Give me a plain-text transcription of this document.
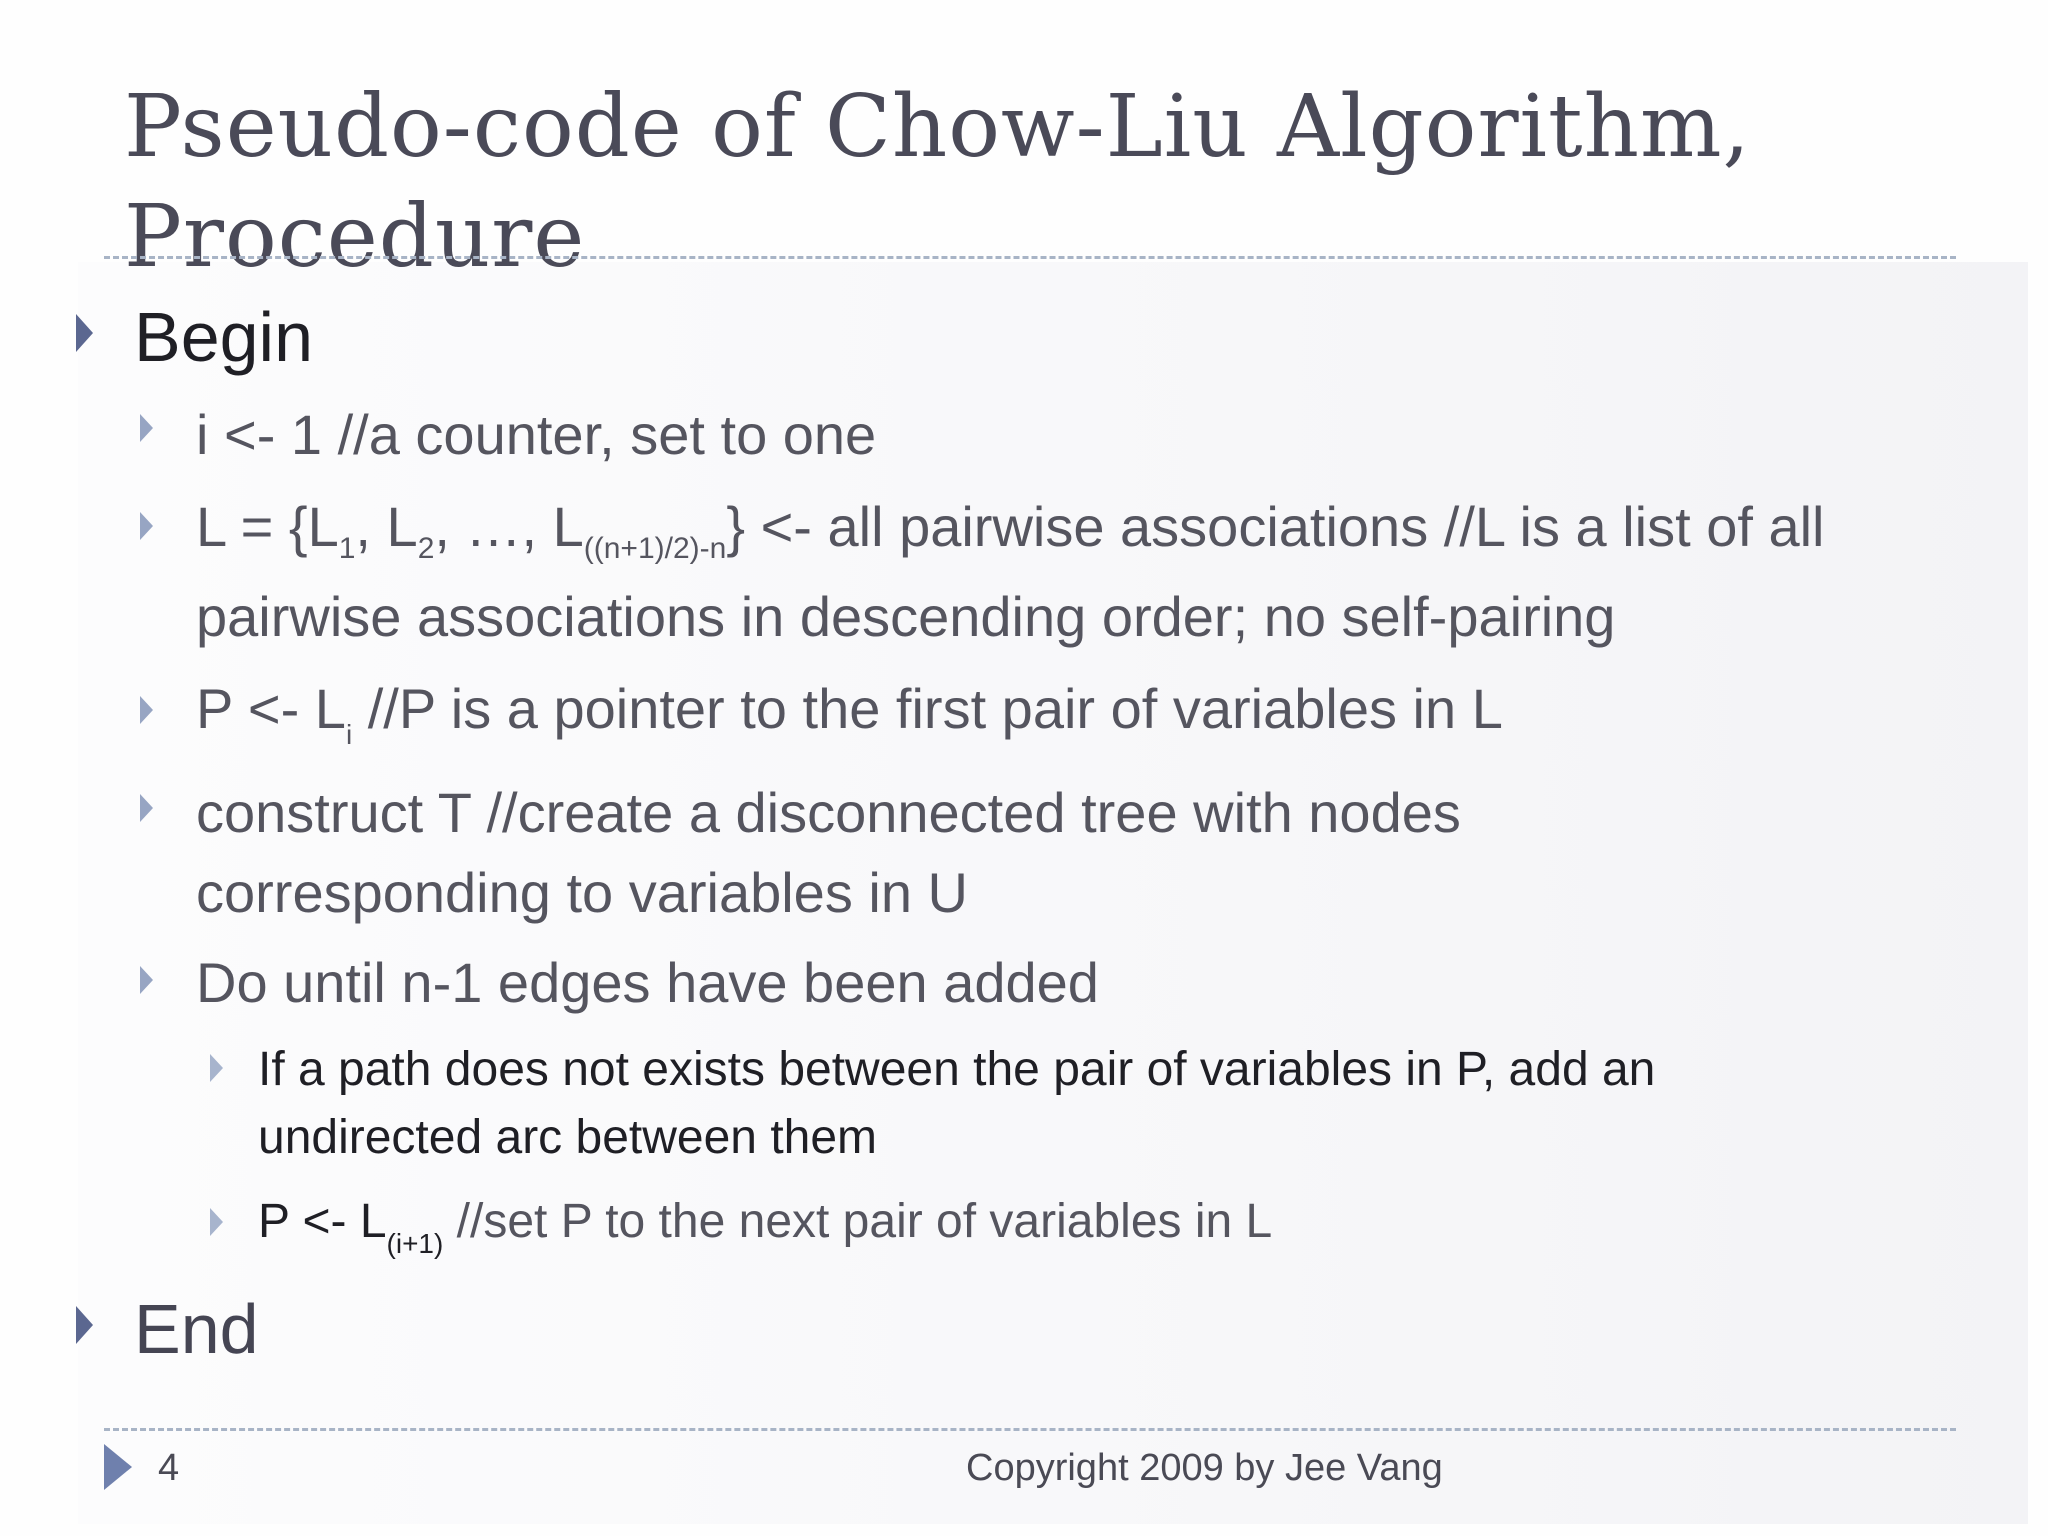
Pseudo-code of Chow-Liu Algorithm,
Procedure
Begin
i <- 1 //a counter, set to one
$L = \{L_1$, $L_2$, …, $L_{((n+1)/2)-n}$} <- all pairwise associations //L is a list of all
pairwise associations in descending order; no self-pairing
$P <- L_i$ //P is a pointer to the first pair of variables in L
construct T //create a disconnected tree with nodes
corresponding to variables in U
Do until n-1 edges have been added
If a path does not exists between the pair of variables in P, add an
undirected arc between them
$P <- L_{(i+1)}$ //set P to the next pair of variables in L
End
4	Copyright 2009 by Jee Vang
